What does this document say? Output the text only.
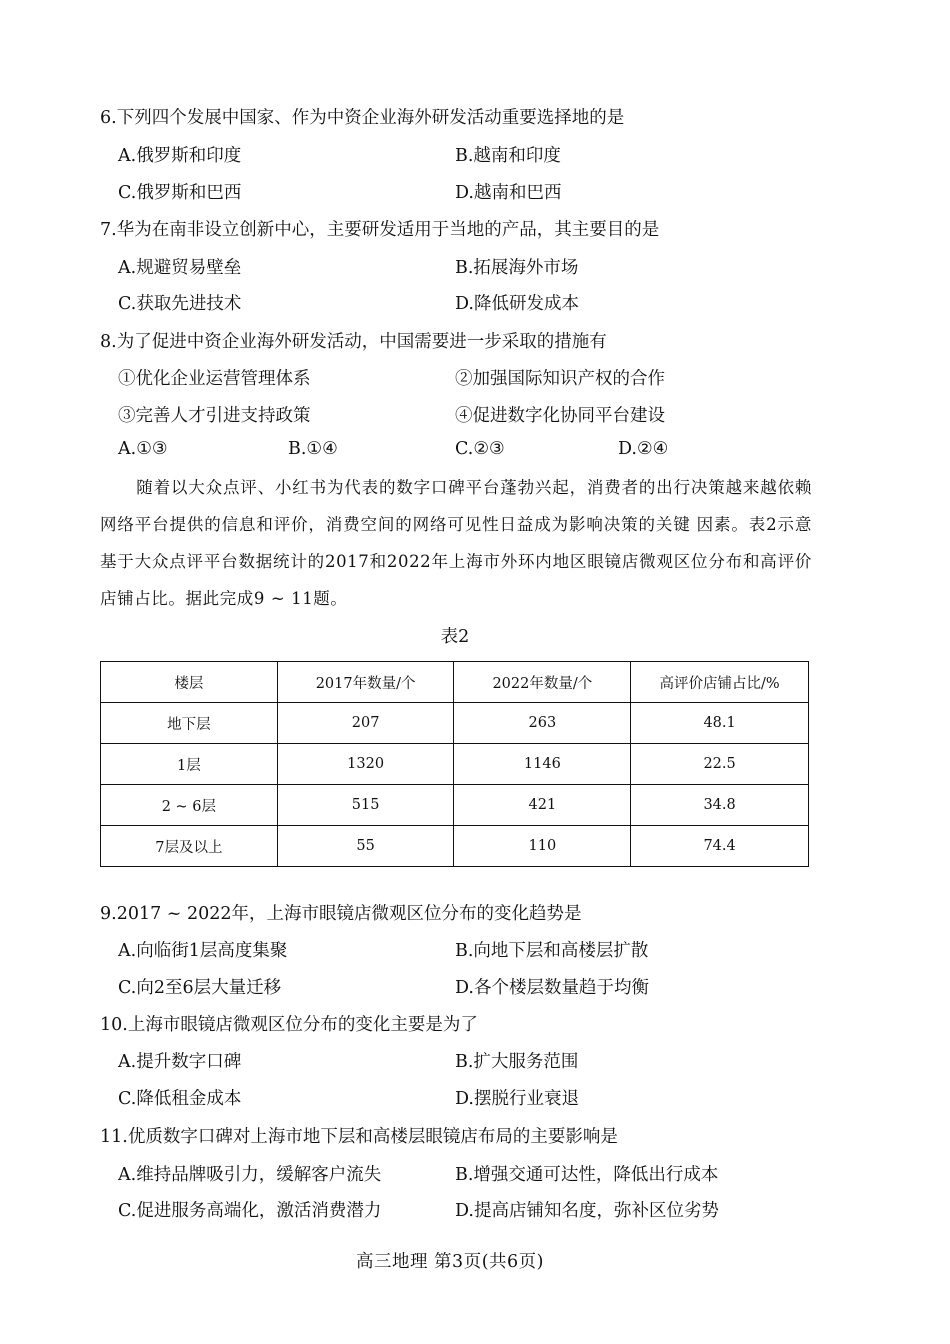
6.下列四个发展中国家、作为中资企业海外研发活动重要选择地的是
A.俄罗斯和印度	B.越南和印度
C.俄罗斯和巴西	D.越南和巴西
7.华为在南非设立创新中心，主要研发适用于当地的产品，其主要目的是
A.规避贸易壁垒	B.拓展海外市场
C.获取先进技术	D.降低研发成本
8.为了促进中资企业海外研发活动，中国需要进一步采取的措施有
①优化企业运营管理体系	②加强国际知识产权的合作
③完善人才引进支持政策	④促进数字化协同平台建设
A.①③	B.①④	C.②③	D.②④

随着以大众点评、小红书为代表的数字口碑平台蓬勃兴起，消费者的出行决策越来越依赖网络平台提供的信息和评价，消费空间的网络可见性日益成为影响决策的关键 因素。表2示意基于大众点评平台数据统计的2017和2022年上海市外环内地区眼镜店微观区位分布和高评价店铺占比。据此完成9 ~ 11题。

表2
楼层	2017年数量/个	2022年数量/个	高评价店铺占比/%
地下层	207	263	48.1
1层	1320	1146	22.5
2 ~ 6层	515	421	34.8
7层及以上	55	110	74.4
9.2017 ~ 2022年，上海市眼镜店微观区位分布的变化趋势是
A.向临街1层高度集聚	B.向地下层和高楼层扩散
C.向2至6层大量迁移	D.各个楼层数量趋于均衡
10.上海市眼镜店微观区位分布的变化主要是为了
A.提升数字口碑	B.扩大服务范围
C.降低租金成本	D.摆脱行业衰退
11.优质数字口碑对上海市地下层和高楼层眼镜店布局的主要影响是
A.维持品牌吸引力，缓解客户流失	B.增强交通可达性，降低出行成本
C.促进服务高端化，激活消费潜力	D.提高店铺知名度，弥补区位劣势
高三地理 第3页(共6页)
